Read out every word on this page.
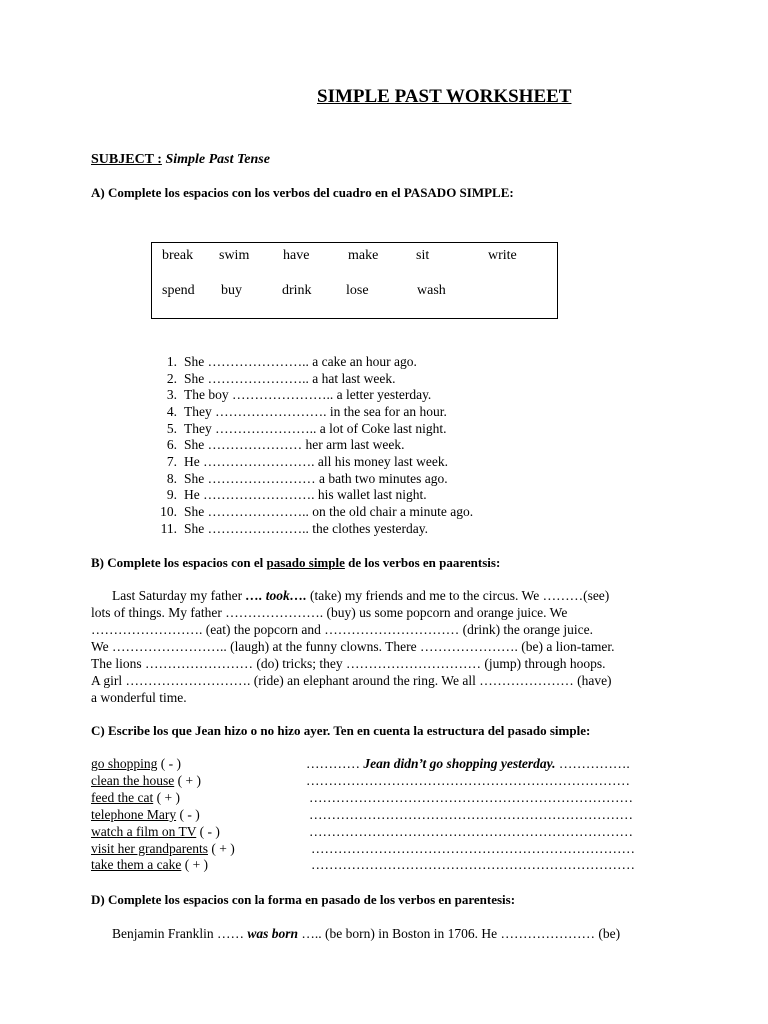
SIMPLE PAST WORKSHEET
SUBJECT : Simple Past Tense
A) Complete los espacios con los verbos del cuadro en el PASADO SIMPLE:
break swim have	make	sit	write
spend buy	drink lose	wash
1. She ………………….. a cake an hour ago.
2. She ………………….. a hat last week.
3. The boy ………………….. a letter yesterday.
4. They ……………………. in the sea for an hour.
5. They ………………….. a lot of Coke last night.
6. She ………………… her arm last week.
7. He ……………………. all his money last week.
8. She …………………… a bath two minutes ago.
9. He ……………………. his wallet last night.
10. She ………………….. on the old chair a minute ago.
11. She ………………….. the clothes yesterday.
B) Complete los espacios con el pasado simple de los verbos en paarentsis:
Last Saturday my father …. took…. (take) my friends and me to the circus. We ………(see)
lots of things. My father …………………. (buy) us some popcorn and orange juice. We
……………………. (eat) the popcorn and ………………………… (drink) the orange juice.
We …………………….. (laugh) at the funny clowns. There …………………. (be) a lion-tamer.
The lions …………………… (do) tricks; they ………………………… (jump) through hoops.
A girl ………………………. (ride) an elephant around the ring. We all ………………… (have)
a wonderful time.
C) Escribe los que Jean hizo o no hizo ayer. Ten en cuenta la estructura del pasado simple:
go shopping ( - )	………… Jean didn’t go shopping yesterday. …………….
clean the house ( + )	………………………………………………………………
feed the cat ( + )	………………………………………………………………
telephone Mary ( - )	………………………………………………………………
watch a film on TV ( - )	………………………………………………………………
visit her grandparents ( + )	………………………………………………………………
take them a cake ( + )	………………………………………………………………
D) Complete los espacios con la forma en pasado de los verbos en parentesis:
Benjamin Franklin …… was born ….. (be born) in Boston in 1706. He ………………… (be)
